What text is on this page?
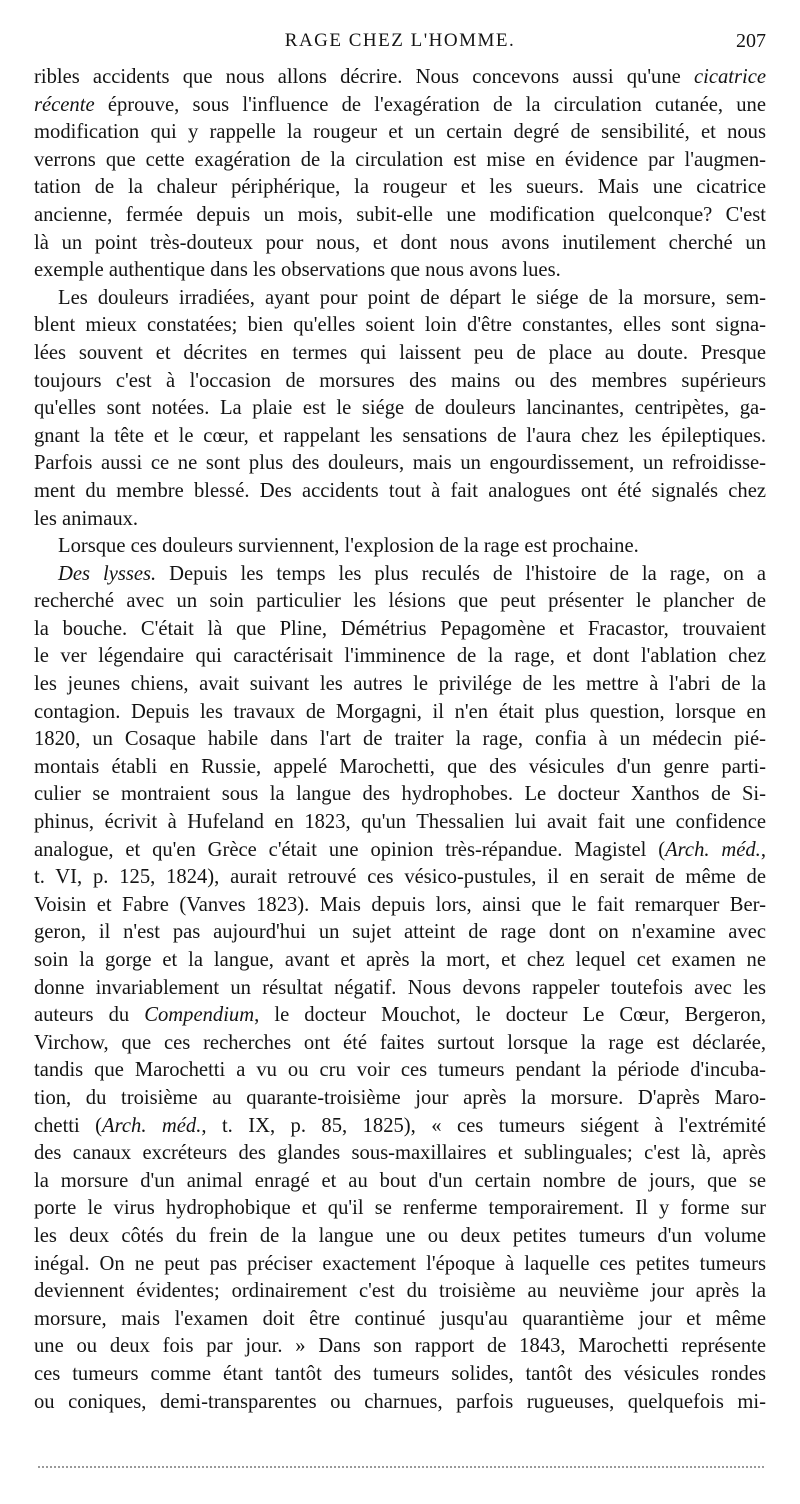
RAGE CHEZ L'HOMME.	207
ribles accidents que nous allons décrire. Nous concevons aussi qu'une cicatrice
récente éprouve, sous l'influence de l'exagération de la circulation cutanée, une
modification qui y rappelle la rougeur et un certain degré de sensibilité, et nous
verrons que cette exagération de la circulation est mise en évidence par l'augmen-
tation de la chaleur périphérique, la rougeur et les sueurs. Mais une cicatrice
ancienne, fermée depuis un mois, subit-elle une modification quelconque? C'est
là un point très-douteux pour nous, et dont nous avons inutilement cherché un
exemple authentique dans les observations que nous avons lues.
Les douleurs irradiées, ayant pour point de départ le siége de la morsure, sem-
blent mieux constatées; bien qu'elles soient loin d'être constantes, elles sont signa-
lées souvent et décrites en termes qui laissent peu de place au doute. Presque
toujours c'est à l'occasion de morsures des mains ou des membres supérieurs
qu'elles sont notées. La plaie est le siége de douleurs lancinantes, centripètes, ga-
gnant la tête et le cœur, et rappelant les sensations de l'aura chez les épileptiques.
Parfois aussi ce ne sont plus des douleurs, mais un engourdissement, un refroidisse-
ment du membre blessé. Des accidents tout à fait analogues ont été signalés chez
les animaux.
Lorsque ces douleurs surviennent, l'explosion de la rage est prochaine.
Des lysses. Depuis les temps les plus reculés de l'histoire de la rage, on a
recherché avec un soin particulier les lésions que peut présenter le plancher de
la bouche. C'était là que Pline, Démétrius Pepagomène et Fracastor, trouvaient
le ver légendaire qui caractérisait l'imminence de la rage, et dont l'ablation chez
les jeunes chiens, avait suivant les autres le privilége de les mettre à l'abri de la
contagion. Depuis les travaux de Morgagni, il n'en était plus question, lorsque en
1820, un Cosaque habile dans l'art de traiter la rage, confia à un médecin pié-
montais établi en Russie, appelé Marochetti, que des vésicules d'un genre parti-
culier se montraient sous la langue des hydrophobes. Le docteur Xanthos de Si-
phinus, écrivit à Hufeland en 1823, qu'un Thessalien lui avait fait une confidence
analogue, et qu'en Grèce c'était une opinion très-répandue. Magistel (Arch. méd.,
t. VI, p. 125, 1824), aurait retrouvé ces vésico-pustules, il en serait de même de
Voisin et Fabre (Vanves 1823). Mais depuis lors, ainsi que le fait remarquer Ber-
geron, il n'est pas aujourd'hui un sujet atteint de rage dont on n'examine avec
soin la gorge et la langue, avant et après la mort, et chez lequel cet examen ne
donne invariablement un résultat négatif. Nous devons rappeler toutefois avec les
auteurs du Compendium, le docteur Mouchot, le docteur Le Cœur, Bergeron,
Virchow, que ces recherches ont été faites surtout lorsque la rage est déclarée,
tandis que Marochetti a vu ou cru voir ces tumeurs pendant la période d'incuba-
tion, du troisième au quarante-troisième jour après la morsure. D'après Maro-
chetti (Arch. méd., t. IX, p. 85, 1825), « ces tumeurs siégent à l'extrémité
des canaux excréteurs des glandes sous-maxillaires et sublinguales; c'est là, après
la morsure d'un animal enragé et au bout d'un certain nombre de jours, que se
porte le virus hydrophobique et qu'il se renferme temporairement. Il y forme sur
les deux côtés du frein de la langue une ou deux petites tumeurs d'un volume
inégal. On ne peut pas préciser exactement l'époque à laquelle ces petites tumeurs
deviennent évidentes; ordinairement c'est du troisième au neuvième jour après la
morsure, mais l'examen doit être continué jusqu'au quarantième jour et même
une ou deux fois par jour. » Dans son rapport de 1843, Marochetti représente
ces tumeurs comme étant tantôt des tumeurs solides, tantôt des vésicules rondes
ou coniques, demi-transparentes ou charnues, parfois rugueuses, quelquefois mi-
